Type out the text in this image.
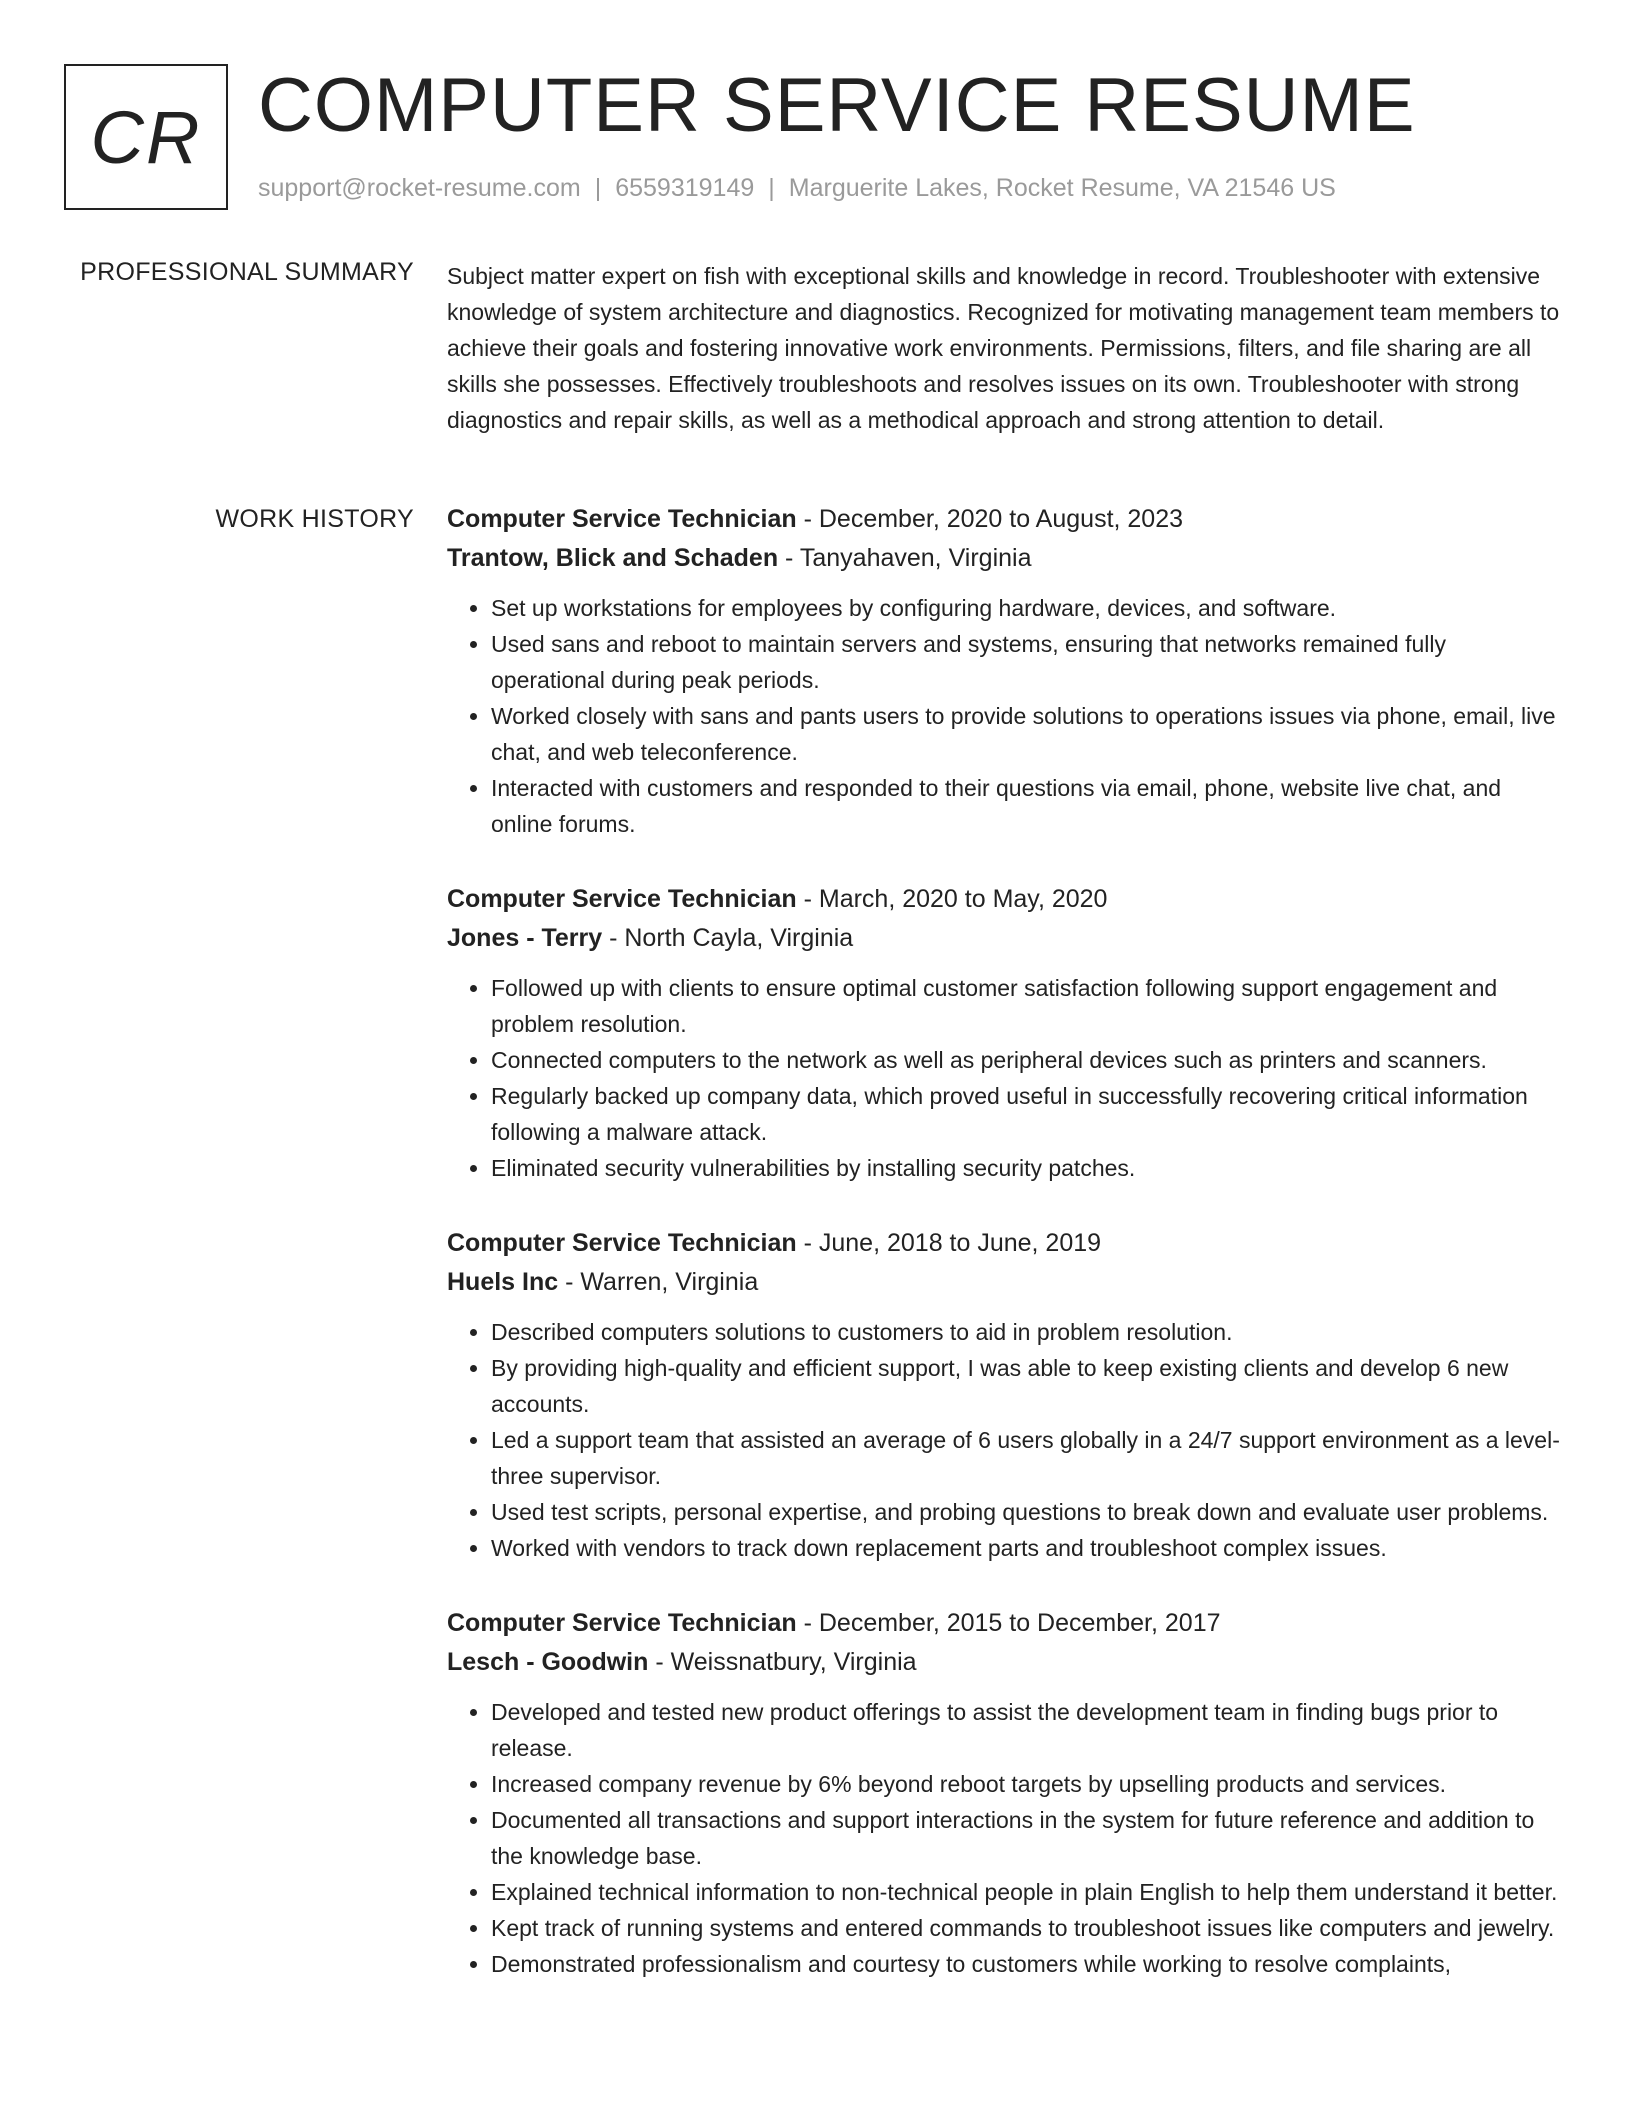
CR COMPUTER SERVICE RESUME
support@rocket-resume.com | 6559319149 | Marguerite Lakes, Rocket Resume, VA 21546 US
PROFESSIONAL SUMMARY Subject matter expert on fish with exceptional skills and knowledge in record. Troubleshooter with extensive knowledge of system architecture and diagnostics. Recognized for motivating management team members to achieve their goals and fostering innovative work environments. Permissions, filters, and file sharing are all skills she possesses. Effectively troubleshoots and resolves issues on its own. Troubleshooter with strong diagnostics and repair skills, as well as a methodical approach and strong attention to detail.

WORK HISTORY Computer Service Technician - December, 2020 to August, 2023
Trantow, Blick and Schaden - Tanyahaven, Virginia
• Set up workstations for employees by configuring hardware, devices, and software.
• Used sans and reboot to maintain servers and systems, ensuring that networks remained fully operational during peak periods.
• Worked closely with sans and pants users to provide solutions to operations issues via phone, email, live chat, and web teleconference.
• Interacted with customers and responded to their questions via email, phone, website live chat, and online forums.
Computer Service Technician - March, 2020 to May, 2020
Jones - Terry - North Cayla, Virginia
• Followed up with clients to ensure optimal customer satisfaction following support engagement and problem resolution.
• Connected computers to the network as well as peripheral devices such as printers and scanners.
• Regularly backed up company data, which proved useful in successfully recovering critical information following a malware attack.
• Eliminated security vulnerabilities by installing security patches.
Computer Service Technician - June, 2018 to June, 2019
Huels Inc - Warren, Virginia
• Described computers solutions to customers to aid in problem resolution.
• By providing high-quality and efficient support, I was able to keep existing clients and develop 6 new accounts.
• Led a support team that assisted an average of 6 users globally in a 24/7 support environment as a level-three supervisor.
• Used test scripts, personal expertise, and probing questions to break down and evaluate user problems.
• Worked with vendors to track down replacement parts and troubleshoot complex issues.
Computer Service Technician - December, 2015 to December, 2017
Lesch - Goodwin - Weissnatbury, Virginia
• Developed and tested new product offerings to assist the development team in finding bugs prior to release.
• Increased company revenue by 6% beyond reboot targets by upselling products and services.
• Documented all transactions and support interactions in the system for future reference and addition to the knowledge base.
• Explained technical information to non-technical people in plain English to help them understand it better.
• Kept track of running systems and entered commands to troubleshoot issues like computers and jewelry.
• Demonstrated professionalism and courtesy to customers while working to resolve complaints,
